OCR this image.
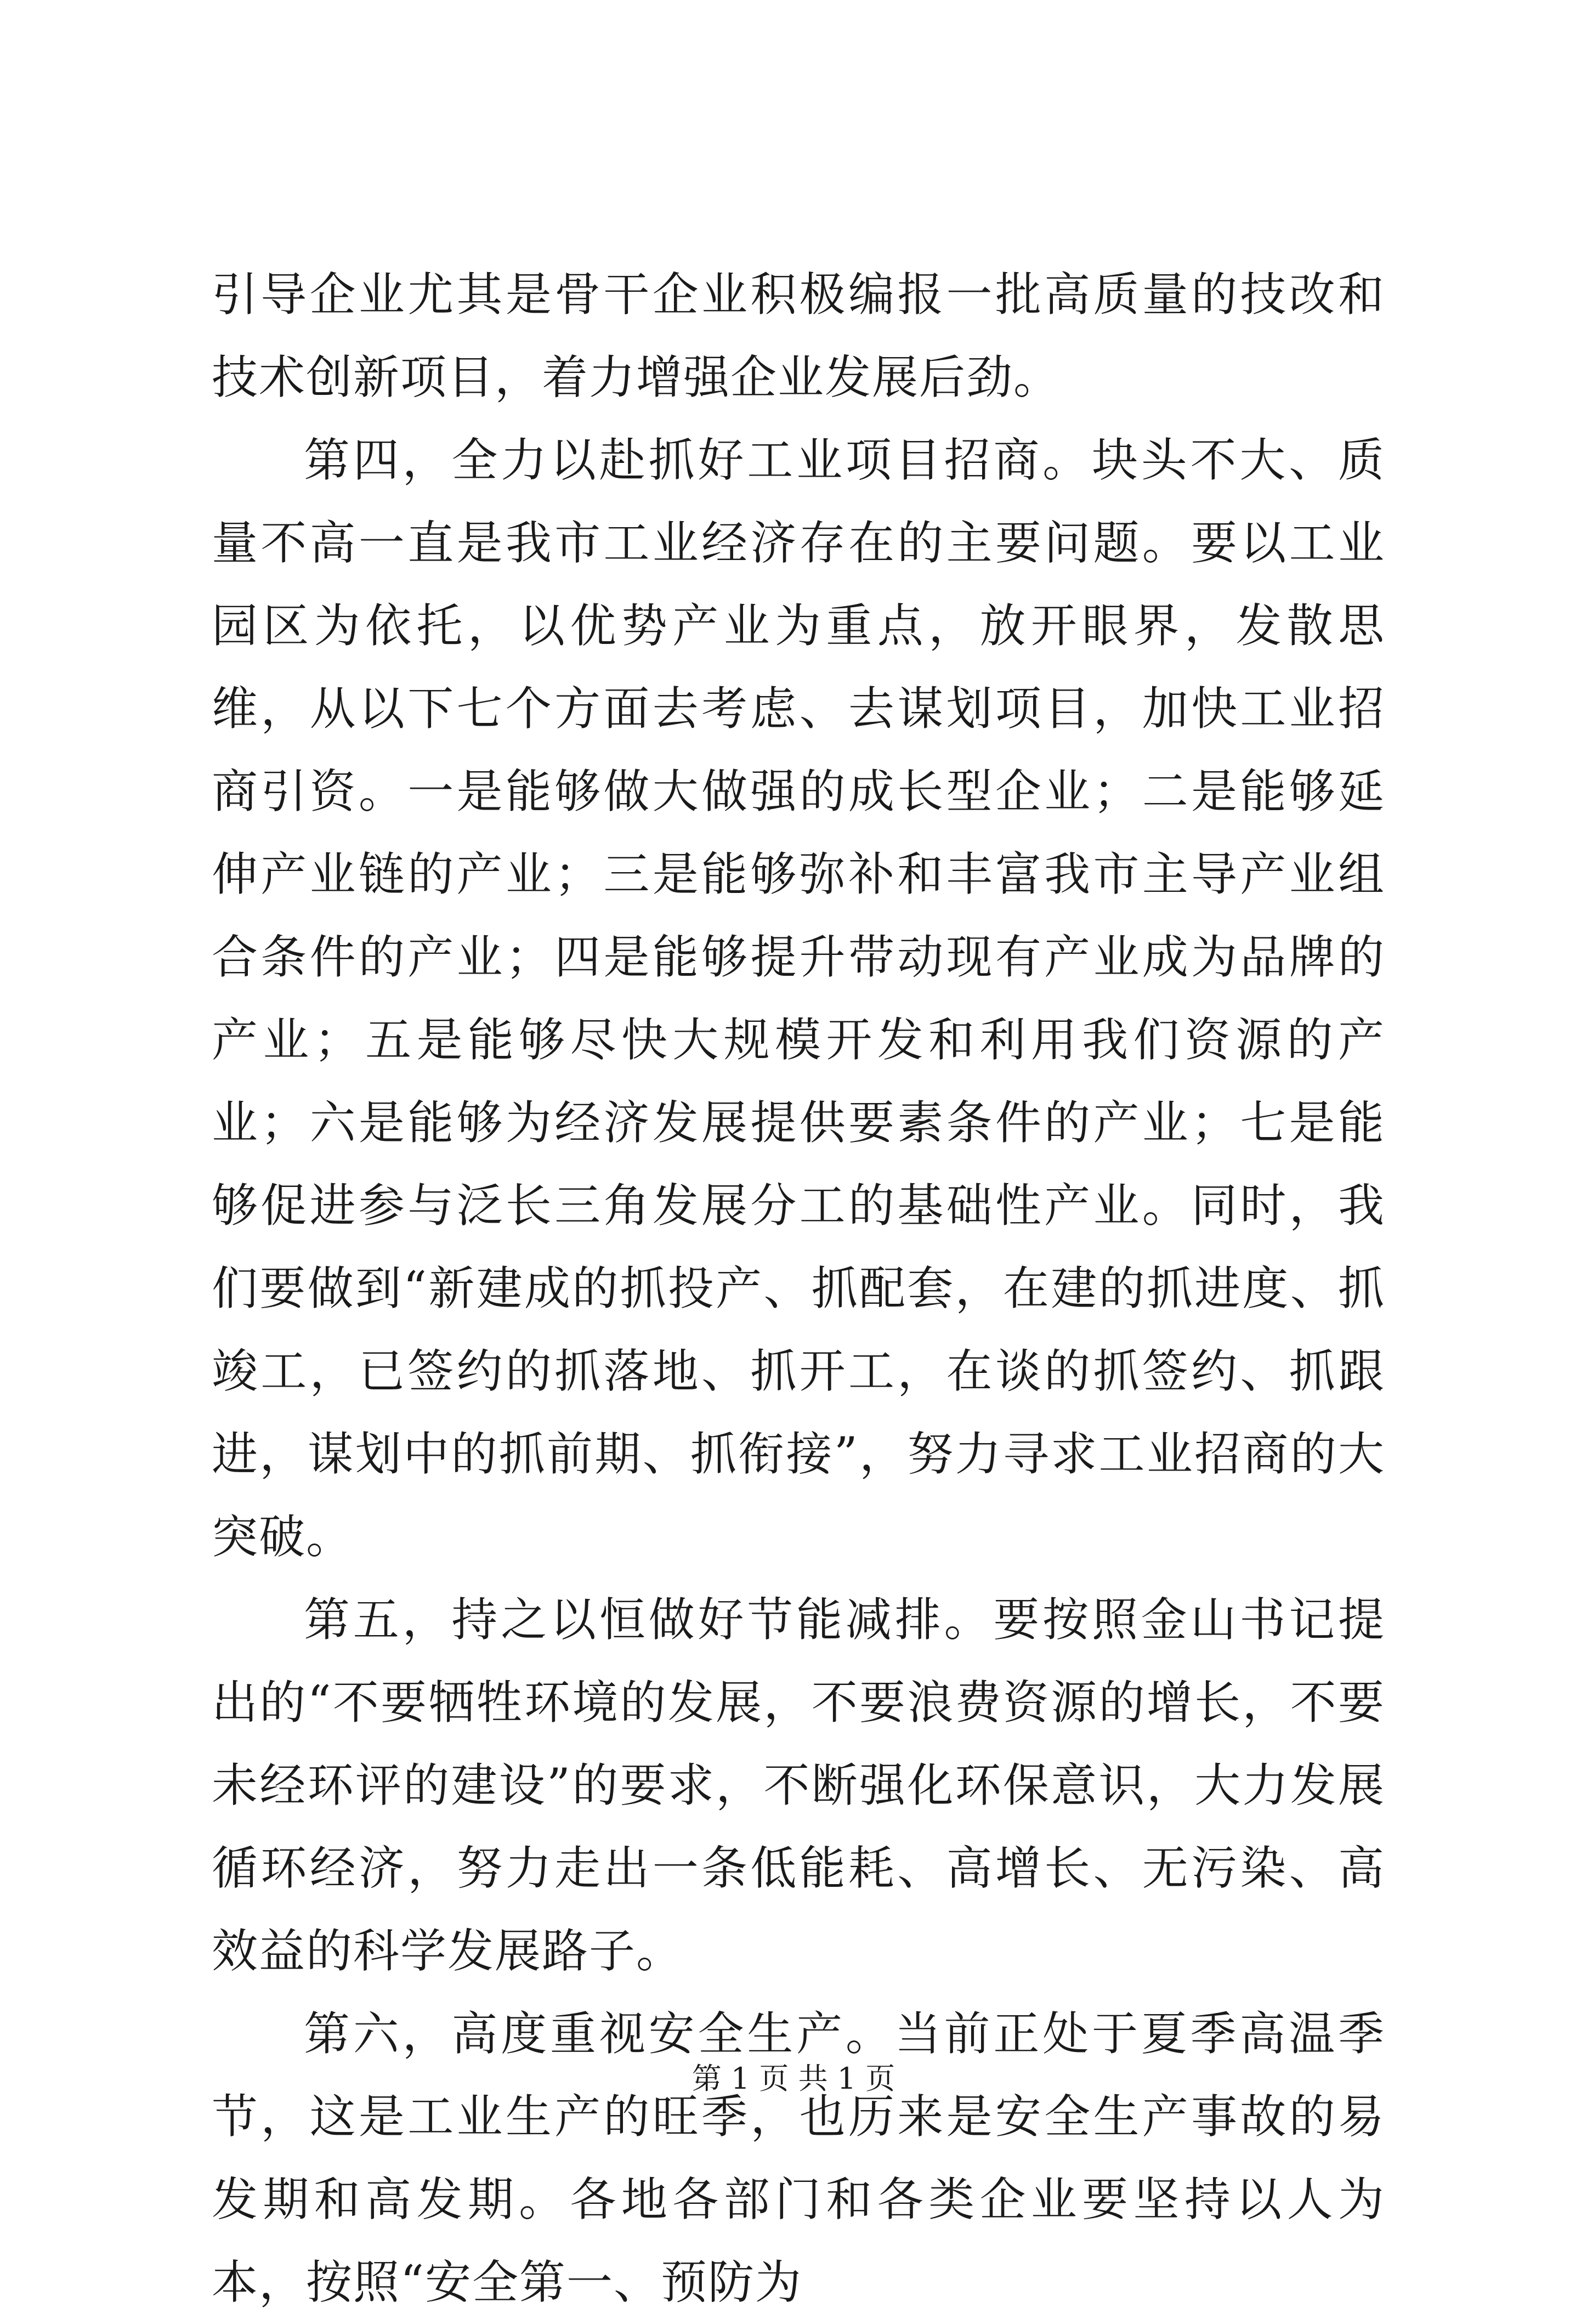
引导企业尤其是骨干企业积极编报一批高质量的技改和技术创新项目，着力增强企业发展后劲。

第四，全力以赴抓好工业项目招商。块头不大、质量不高一直是我市工业经济存在的主要问题。要以工业园区为依托，以优势产业为重点，放开眼界，发散思维，从以下七个方面去考虑、去谋划项目，加快工业招商引资。一是能够做大做强的成长型企业；二是能够延伸产业链的产业；三是能够弥补和丰富我市主导产业组合条件的产业；四是能够提升带动现有产业成为品牌的产业；五是能够尽快大规模开发和利用我们资源的产业；六是能够为经济发展提供要素条件的产业；七是能够促进参与泛长三角发展分工的基础性产业。同时，我们要做到“新建成的抓投产、抓配套，在建的抓进度、抓竣工，已签约的抓落地、抓开工，在谈的抓签约、抓跟进，谋划中的抓前期、抓衔接”，努力寻求工业招商的大突破。

第五，持之以恒做好节能减排。要按照金山书记提出的“不要牺牲环境的发展，不要浪费资源的增长，不要未经环评的建设”的要求，不断强化环保意识，大力发展循环经济，努力走出一条低能耗、高增长、无污染、高效益的科学发展路子。

第六，高度重视安全生产。当前正处于夏季高温季节，这是工业生产的旺季，也历来是安全生产事故的易发期和高发期。各地各部门和各类企业要坚持以人为本，按照“安全第一、预防为

第 1 页 共 1 页
